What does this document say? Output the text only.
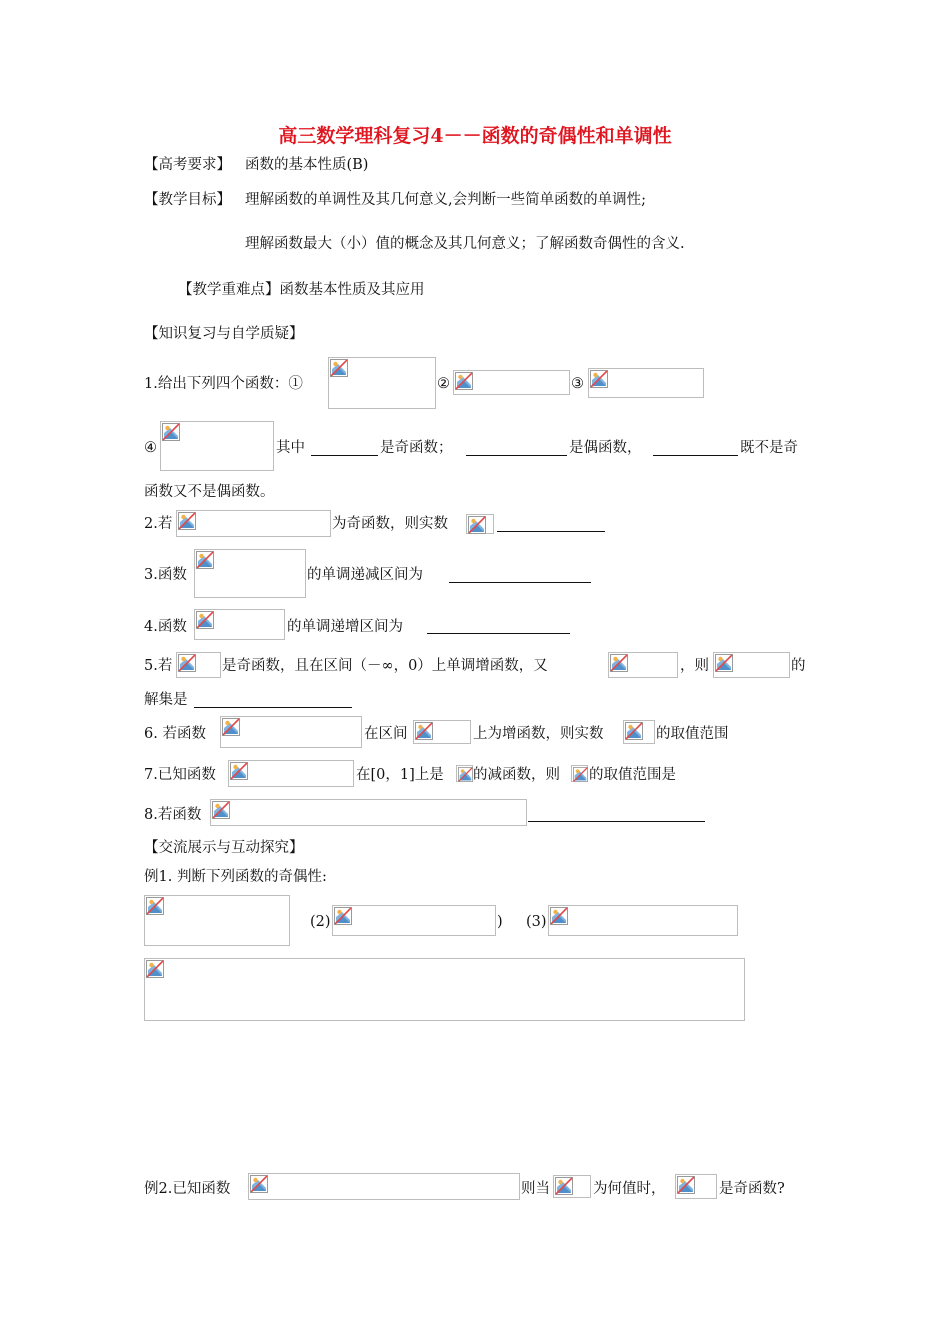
高三数学理科复习4－－函数的奇偶性和单调性
【高考要求】 函数的基本性质(B)
【教学目标】 理解函数的单调性及其几何意义,会判断一些简单函数的单调性;
理解函数最大（小）值的概念及其几何意义；了解函数奇偶性的含义.
【教学重难点】函数基本性质及其应用
【知识复习与自学质疑】
1.给出下列四个函数：①	②	③
④	其中	是奇函数；	是偶函数，	既不是奇
函数又不是偶函数。
2.若	为奇函数，则实数
3.函数	的单调递减区间为
4.函数	的单调递增区间为
5.若	是奇函数，且在区间（－∞，0）上单调增函数，又	，则	的
解集是
6. 若函数	在区间	上为增函数，则实数	的取值范围
7.已知函数	在[0，1]上是 的减函数，则 的取值范围是
8.若函数
【交流展示与互动探究】
例1. 判断下列函数的奇偶性:
(2)	) (3)
例2.已知函数	则当	为何值时，	是奇函数?
